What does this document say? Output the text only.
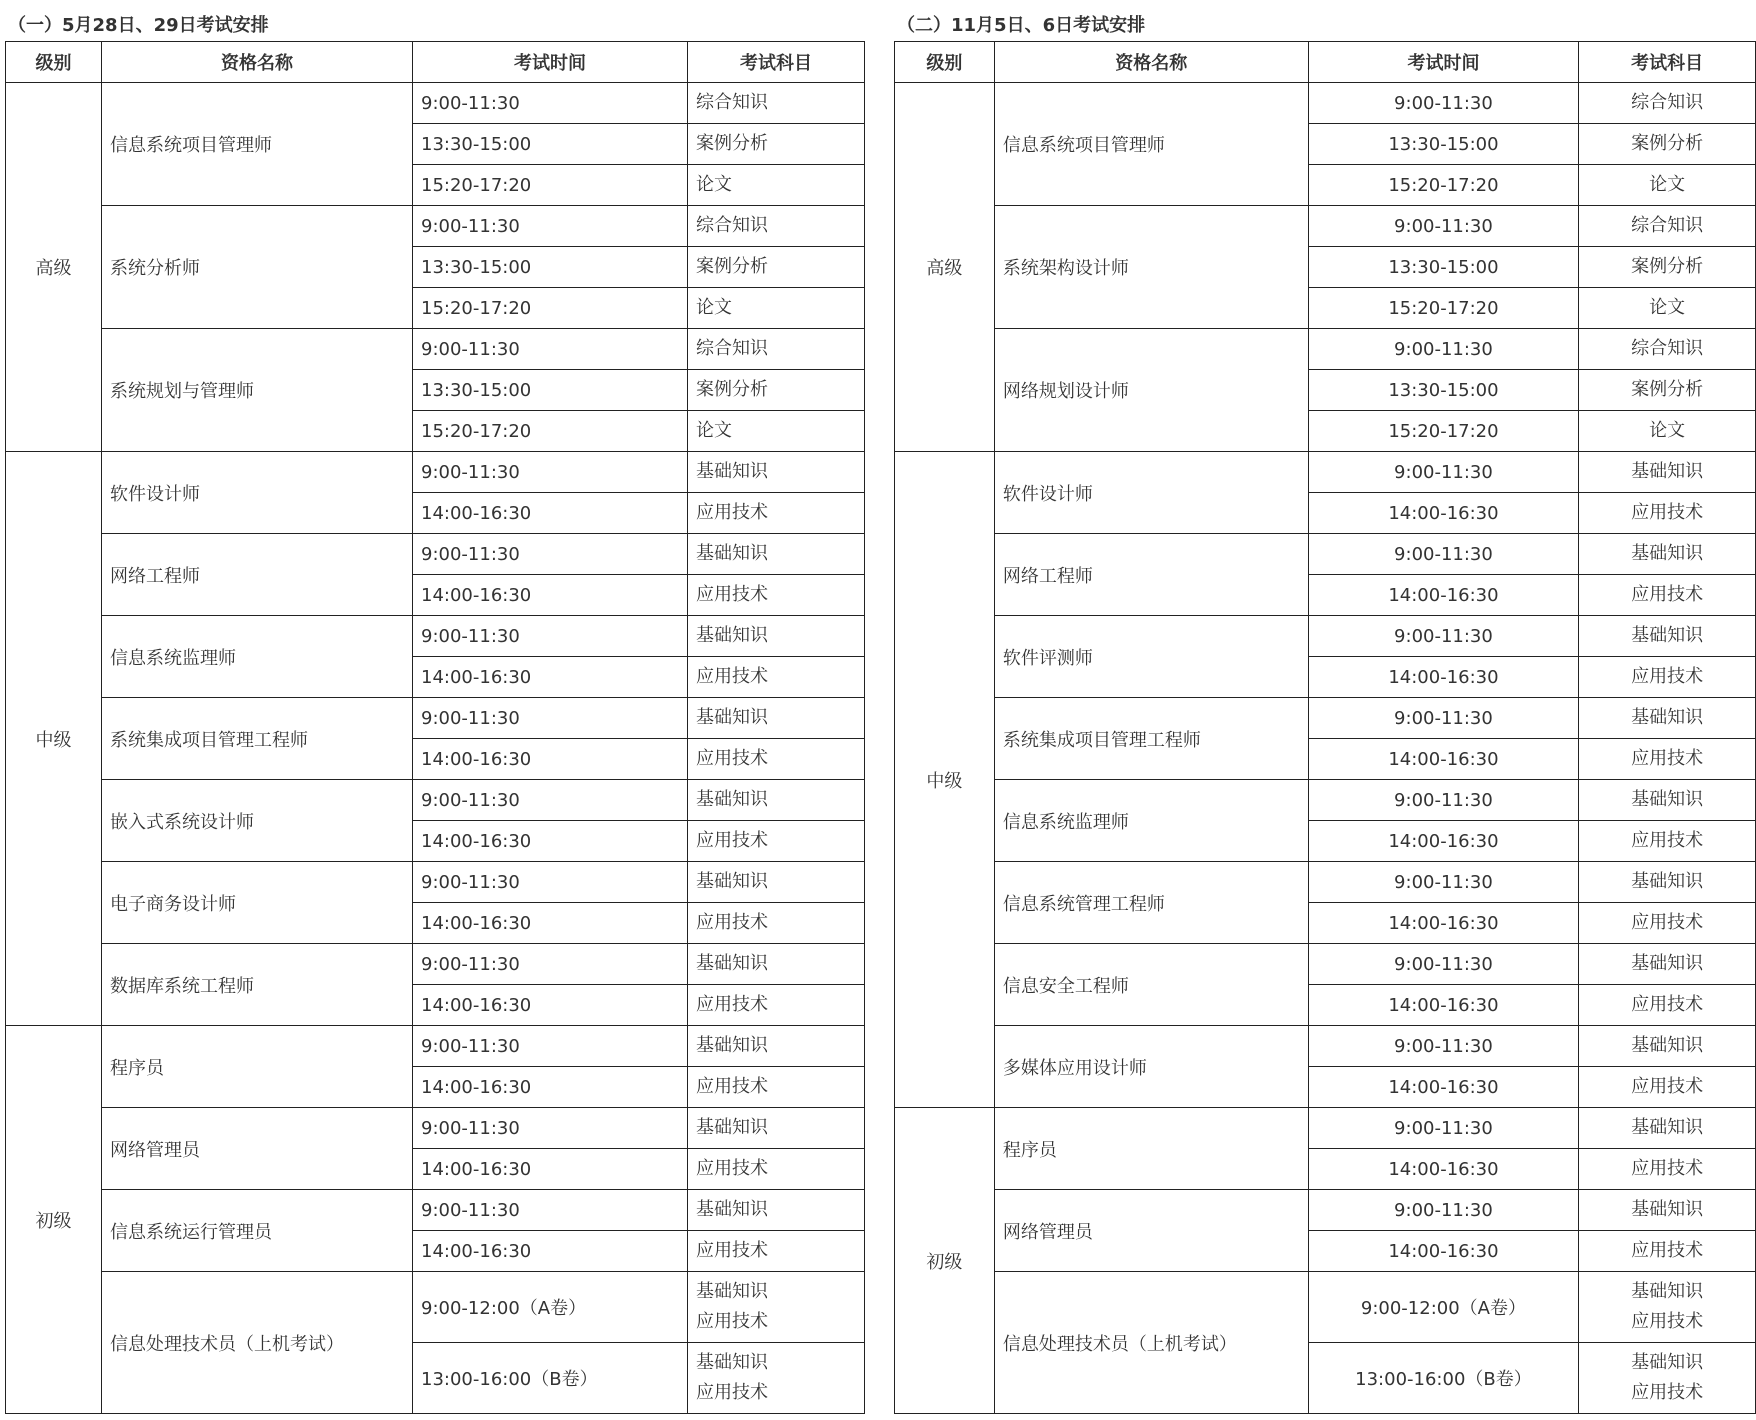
（一）5月28日、29日考试安排
级别	资格名称	考试时间	考试科目
高级	信息系统项目管理师	9:00-11:30	综合知识

		13:30-15:00	案例分析

		15:20-17:20	论文

	系统分析师	9:00-11:30	综合知识

		13:30-15:00	案例分析

		15:20-17:20	论文

	系统规划与管理师	9:00-11:30	综合知识

		13:30-15:00	案例分析

		15:20-17:20	论文

中级	软件设计师	9:00-11:30	基础知识

		14:00-16:30	应用技术

	网络工程师	9:00-11:30	基础知识

		14:00-16:30	应用技术

	信息系统监理师	9:00-11:30	基础知识

		14:00-16:30	应用技术

	系统集成项目管理工程师	9:00-11:30	基础知识

		14:00-16:30	应用技术

	嵌入式系统设计师	9:00-11:30	基础知识

		14:00-16:30	应用技术

	电子商务设计师	9:00-11:30	基础知识

		14:00-16:30	应用技术

	数据库系统工程师	9:00-11:30	基础知识

		14:00-16:30	应用技术

初级	程序员	9:00-11:30	基础知识

		14:00-16:30	应用技术

	网络管理员	9:00-11:30	基础知识

		14:00-16:30	应用技术

	信息系统运行管理员	9:00-11:30	基础知识

		14:00-16:30	应用技术

	信息处理技术员（上机考试）	9:00-12:00（A卷）	基础知识
应用技术

		13:00-16:00（B卷）	基础知识
应用技术
（二）11月5日、6日考试安排
级别	资格名称	考试时间	考试科目
高级	信息系统项目管理师	9:00-11:30	综合知识

		13:30-15:00	案例分析

		15:20-17:20	论文

	系统架构设计师	9:00-11:30	综合知识

		13:30-15:00	案例分析

		15:20-17:20	论文

	网络规划设计师	9:00-11:30	综合知识

		13:30-15:00	案例分析

		15:20-17:20	论文

中级	软件设计师	9:00-11:30	基础知识

		14:00-16:30	应用技术

	网络工程师	9:00-11:30	基础知识

		14:00-16:30	应用技术

	软件评测师	9:00-11:30	基础知识

		14:00-16:30	应用技术

	系统集成项目管理工程师	9:00-11:30	基础知识

		14:00-16:30	应用技术

	信息系统监理师	9:00-11:30	基础知识

		14:00-16:30	应用技术

	信息系统管理工程师	9:00-11:30	基础知识

		14:00-16:30	应用技术

	信息安全工程师	9:00-11:30	基础知识

		14:00-16:30	应用技术

	多媒体应用设计师	9:00-11:30	基础知识

		14:00-16:30	应用技术

初级	程序员	9:00-11:30	基础知识

		14:00-16:30	应用技术

	网络管理员	9:00-11:30	基础知识

		14:00-16:30	应用技术

	信息处理技术员（上机考试）	9:00-12:00（A卷）	基础知识
应用技术

		13:00-16:00（B卷）	基础知识
应用技术
